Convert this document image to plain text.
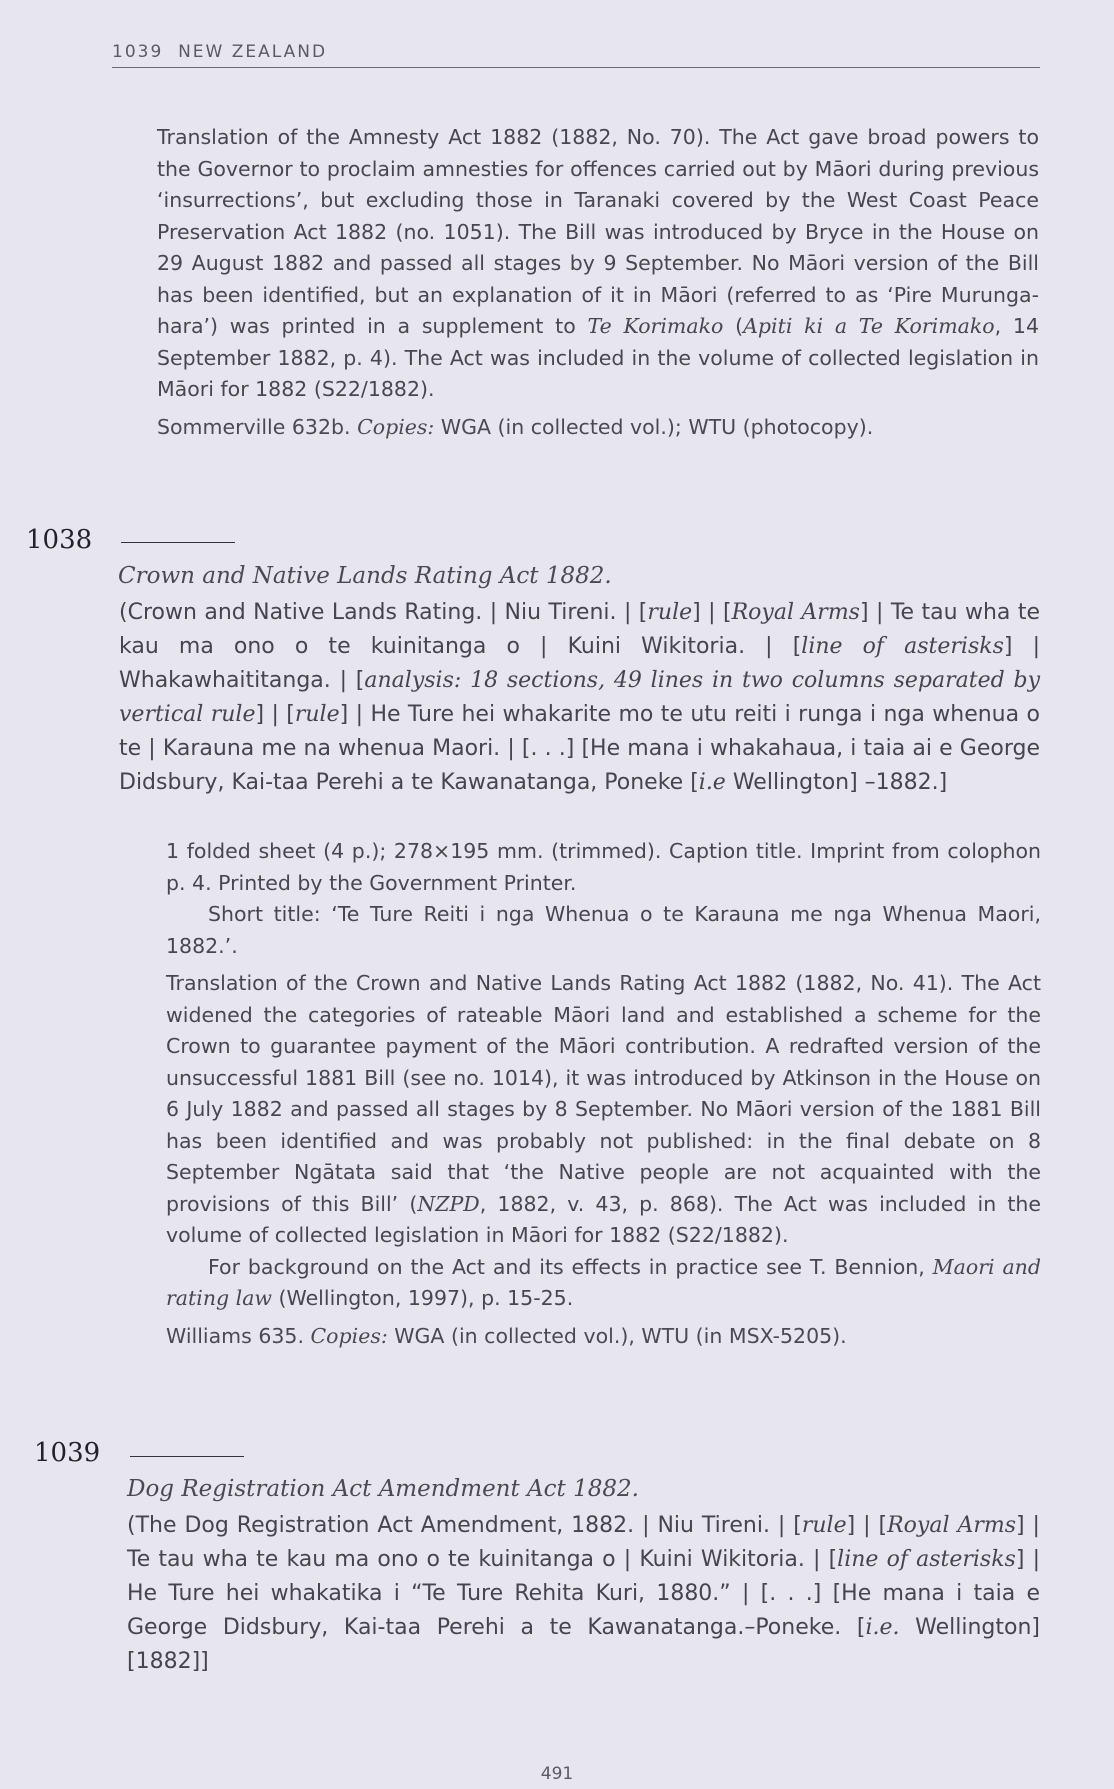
1039 NEW ZEALAND
Translation of the Amnesty Act 1882 (1882, No. 70). The Act gave broad powers to the Governor to proclaim amnesties for offences carried out by Māori during previous ‘insurrections’, but excluding those in Taranaki covered by the West Coast Peace Preservation Act 1882 (no. 1051). The Bill was introduced by Bryce in the House on 29 August 1882 and passed all stages by 9 September. No Māori version of the Bill has been identified, but an explanation of it in Māori (referred to as ‘Pire Murunga-hara’) was printed in a supplement to Te Korimako (Apiti ki a Te Korimako, 14 September 1882, p. 4). The Act was included in the volume of collected legislation in Māori for 1882 (S22/1882).
Sommerville 632b. Copies: WGA (in collected vol.); WTU (photocopy).
1038
Crown and Native Lands Rating Act 1882.
(Crown and Native Lands Rating. | Niu Tireni. | [rule] | [Royal Arms] | Te tau wha te kau ma ono o te kuinitanga o | Kuini Wikitoria. | [line of asterisks] | Whakawhaititanga. | [analysis: 18 sections, 49 lines in two columns separated by vertical rule] | [rule] | He Ture hei whakarite mo te utu reiti i runga i nga whenua o te | Karauna me na whenua Maori. | [. . .] [He mana i whakahaua, i taia ai e George Didsbury, Kai-taa Perehi a te Kawanatanga, Poneke [i.e Wellington] –1882.]
1 folded sheet (4 p.); 278×195 mm. (trimmed). Caption title. Imprint from colophon p. 4. Printed by the Government Printer.
Short title: ‘Te Ture Reiti i nga Whenua o te Karauna me nga Whenua Maori, 1882.’.
Translation of the Crown and Native Lands Rating Act 1882 (1882, No. 41). The Act widened the categories of rateable Māori land and established a scheme for the Crown to guarantee payment of the Māori contribution. A redrafted version of the unsuccessful 1881 Bill (see no. 1014), it was introduced by Atkinson in the House on 6 July 1882 and passed all stages by 8 September. No Māori version of the 1881 Bill has been identified and was probably not published: in the final debate on 8 September Ngātata said that ‘the Native people are not acquainted with the provisions of this Bill’ (NZPD, 1882, v. 43, p. 868). The Act was included in the volume of collected legislation in Māori for 1882 (S22/1882).
For background on the Act and its effects in practice see T. Bennion, Maori and rating law (Wellington, 1997), p. 15-25.
Williams 635. Copies: WGA (in collected vol.), WTU (in MSX-5205).
1039
Dog Registration Act Amendment Act 1882.
(The Dog Registration Act Amendment, 1882. | Niu Tireni. | [rule] | [Royal Arms] | Te tau wha te kau ma ono o te kuinitanga o | Kuini Wikitoria. | [line of asterisks] | He Ture hei whakatika i “Te Ture Rehita Kuri, 1880.” | [. . .] [He mana i taia e George Didsbury, Kai-taa Perehi a te Kawanatanga.–Poneke. [i.e. Wellington] [1882]]
491
